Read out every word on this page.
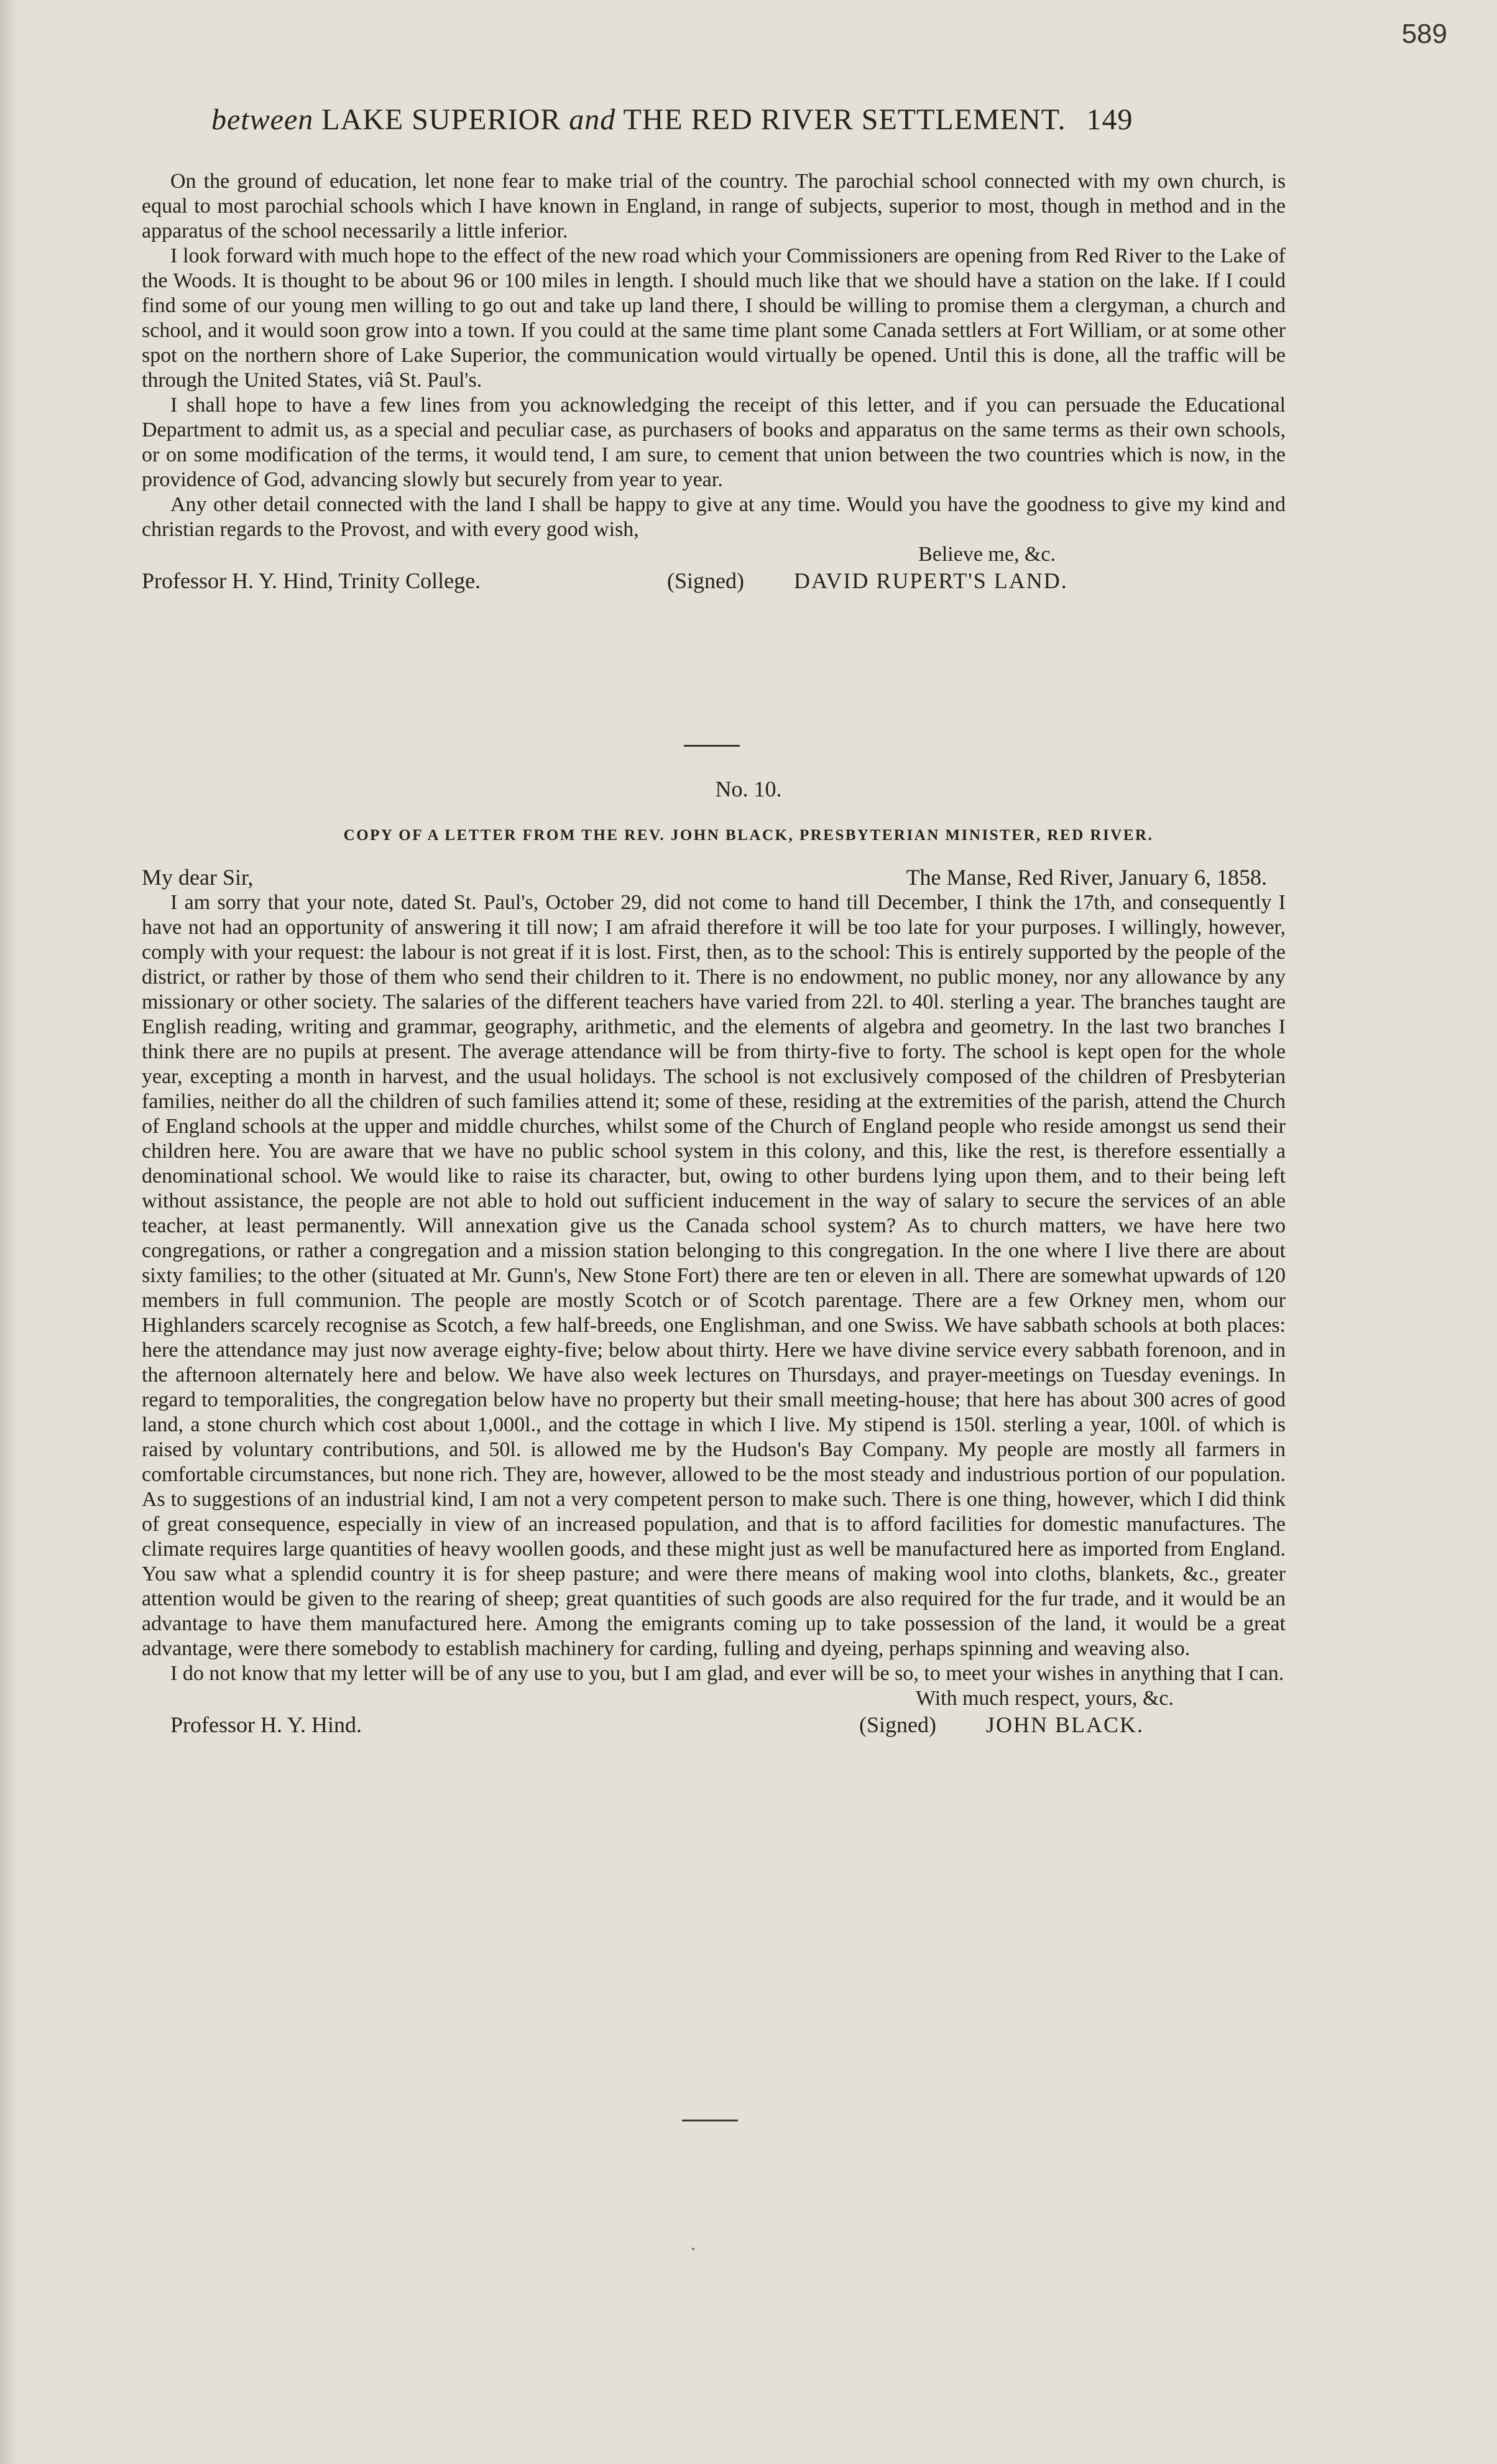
589
between LAKE SUPERIOR and THE RED RIVER SETTLEMENT. 149

On the ground of education, let none fear to make trial of the country. The parochial school connected with my own church, is equal to most parochial schools which I have known in England, in range of subjects, superior to most, though in method and in the apparatus of the school necessarily a little inferior.

I look forward with much hope to the effect of the new road which your Commissioners are opening from Red River to the Lake of the Woods. It is thought to be about 96 or 100 miles in length. I should much like that we should have a station on the lake. If I could find some of our young men willing to go out and take up land there, I should be willing to promise them a clergyman, a church and school, and it would soon grow into a town. If you could at the same time plant some Canada settlers at Fort William, or at some other spot on the northern shore of Lake Superior, the communication would virtually be opened. Until this is done, all the traffic will be through the United States, viâ St. Paul's.

I shall hope to have a few lines from you acknowledging the receipt of this letter, and if you can persuade the Educational Department to admit us, as a special and peculiar case, as purchasers of books and apparatus on the same terms as their own schools, or on some modification of the terms, it would tend, I am sure, to cement that union between the two countries which is now, in the providence of God, advancing slowly but securely from year to year.

Any other detail connected with the land I shall be happy to give at any time. Would you have the goodness to give my kind and christian regards to the Provost, and with every good wish,

Believe me, &c.
Professor H. Y. Hind, Trinity College.	(Signed) DAVID RUPERT'S LAND.
No. 10.
COPY OF A LETTER FROM THE REV. JOHN BLACK, PRESBYTERIAN MINISTER, RED RIVER.
My dear Sir,	The Manse, Red River, January 6, 1858.

I am sorry that your note, dated St. Paul's, October 29, did not come to hand till December, I think the 17th, and consequently I have not had an opportunity of answering it till now; I am afraid therefore it will be too late for your purposes. I willingly, however, comply with your request: the labour is not great if it is lost. First, then, as to the school: This is entirely supported by the people of the district, or rather by those of them who send their children to it. There is no endowment, no public money, nor any allowance by any missionary or other society. The salaries of the different teachers have varied from 22l. to 40l. sterling a year. The branches taught are English reading, writing and grammar, geography, arithmetic, and the elements of algebra and geometry. In the last two branches I think there are no pupils at present. The average attendance will be from thirty-five to forty. The school is kept open for the whole year, excepting a month in harvest, and the usual holidays. The school is not exclusively composed of the children of Presbyterian families, neither do all the children of such families attend it; some of these, residing at the extremities of the parish, attend the Church of England schools at the upper and middle churches, whilst some of the Church of England people who reside amongst us send their children here. You are aware that we have no public school system in this colony, and this, like the rest, is therefore essentially a denominational school. We would like to raise its character, but, owing to other burdens lying upon them, and to their being left without assistance, the people are not able to hold out sufficient inducement in the way of salary to secure the services of an able teacher, at least permanently. Will annexation give us the Canada school system? As to church matters, we have here two congregations, or rather a congregation and a mission station belonging to this congregation. In the one where I live there are about sixty families; to the other (situated at Mr. Gunn's, New Stone Fort) there are ten or eleven in all. There are somewhat upwards of 120 members in full communion. The people are mostly Scotch or of Scotch parentage. There are a few Orkney men, whom our Highlanders scarcely recognise as Scotch, a few half-breeds, one Englishman, and one Swiss. We have sabbath schools at both places: here the attendance may just now average eighty-five; below about thirty. Here we have divine service every sabbath forenoon, and in the afternoon alternately here and below. We have also week lectures on Thursdays, and prayer-meetings on Tuesday evenings. In regard to temporalities, the congregation below have no property but their small meeting-house; that here has about 300 acres of good land, a stone church which cost about 1,000l., and the cottage in which I live. My stipend is 150l. sterling a year, 100l. of which is raised by voluntary contributions, and 50l. is allowed me by the Hudson's Bay Company. My people are mostly all farmers in comfortable circumstances, but none rich. They are, however, allowed to be the most steady and industrious portion of our population. As to suggestions of an industrial kind, I am not a very competent person to make such. There is one thing, however, which I did think of great consequence, especially in view of an increased population, and that is to afford facilities for domestic manufactures. The climate requires large quantities of heavy woollen goods, and these might just as well be manufactured here as imported from England. You saw what a splendid country it is for sheep pasture; and were there means of making wool into cloths, blankets, &c., greater attention would be given to the rearing of sheep; great quantities of such goods are also required for the fur trade, and it would be an advantage to have them manufactured here. Among the emigrants coming up to take possession of the land, it would be a great advantage, were there somebody to establish machinery for carding, fulling and dyeing, perhaps spinning and weaving also.

I do not know that my letter will be of any use to you, but I am glad, and ever will be so, to meet your wishes in anything that I can.

With much respect, yours, &c.
Professor H. Y. Hind.	(Signed) JOHN BLACK.
